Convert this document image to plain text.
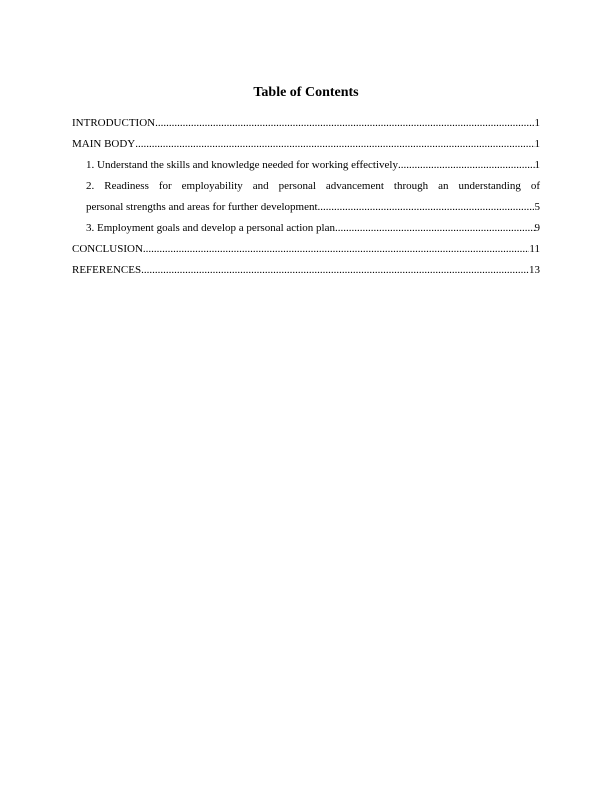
Table of Contents
INTRODUCTION .....	1
MAIN BODY .....	1
1. Understand the skills and knowledge needed for working effectively .....	1
2. Readiness for employability and personal advancement through an understanding of
personal strengths and areas for further development .....	5
3. Employment goals and develop a personal action plan .....	9
CONCLUSION .....	11
REFERENCES .....	13
